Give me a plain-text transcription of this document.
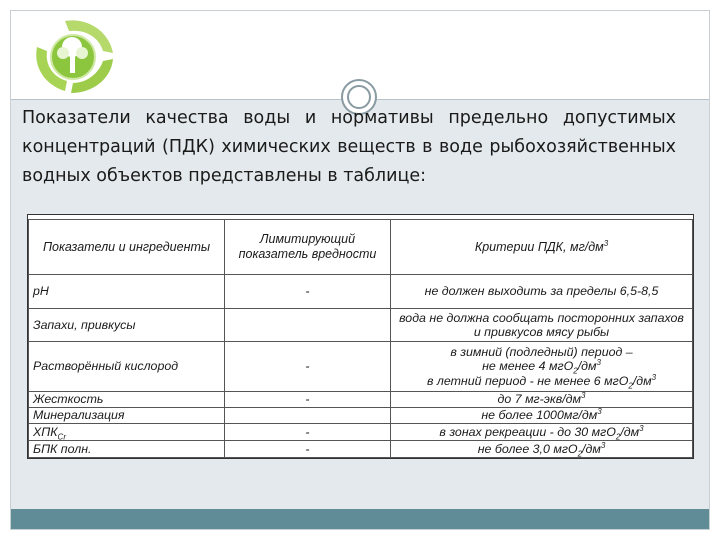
Показатели качества воды и нормативы предельно допустимых концентраций (ПДК) химических веществ в воде рыбохозяйственных водных объектов представлены в таблице:

Показатели и ингредиенты	Лимитирующий показатель вредности	Критерии ПДК, $мг/дм^3$
рН	-	не должен выходить за пределы 6,5-8,5
Запахи, привкусы		вода не должна сообщать посторонних запахов и привкусов мясу рыбы
Растворённый кислород	-	в зимний (подледный) период –
не менее 4 $мгО_2/дм^3$
в летний период - не менее 6 $мгО_2/дм^3$
Жесткость	-	до 7 $мг-экв/дм^3$
Минерализация		не более $1000мг/дм^3$
$ХПК_{Cr}$	-	в зонах рекреации - до 30 $мгО_2/дм^3$
БПК полн.	-	не более 3,0 $мгО_2/дм^3$
